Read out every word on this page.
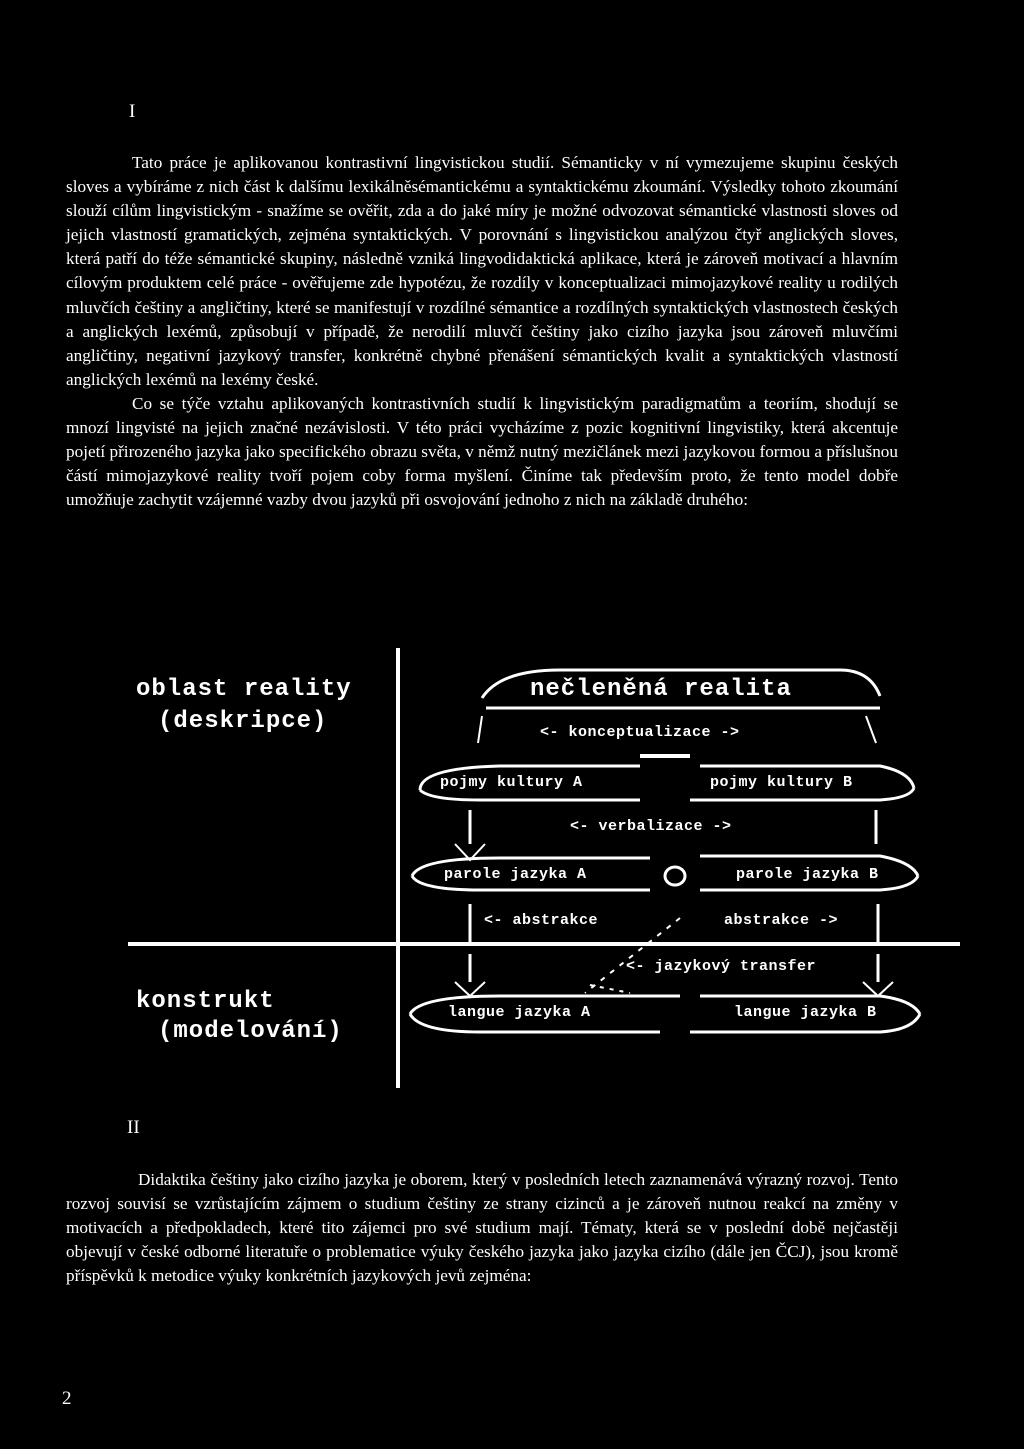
I

Tato práce je aplikovanou kontrastivní lingvistickou studií. Sémanticky v ní vymezujeme skupinu českých sloves a vybíráme z nich část k dalšímu lexikálněsémantickému a syntaktickému zkoumání. Výsledky tohoto zkoumání slouží cílům lingvistickým - snažíme se ověřit, zda a do jaké míry je možné odvozovat sémantické vlastnosti sloves od jejich vlastností gramatických, zejména syntaktických. V porovnání s lingvistickou analýzou čtyř anglických sloves, která patří do téže sémantické skupiny, následně vzniká lingvodidaktická aplikace, která je zároveň motivací a hlavním cílovým produktem celé práce - ověřujeme zde hypotézu, že rozdíly v konceptualizaci mimojazykové reality u rodilých mluvčích češtiny a angličtiny, které se manifestují v rozdílné sémantice a rozdílných syntaktických vlastnostech českých a anglických lexémů, způsobují v případě, že nerodilí mluvčí češtiny jako cizího jazyka jsou zároveň mluvčími angličtiny, negativní jazykový transfer, konkrétně chybné přenášení sémantických kvalit a syntaktických vlastností anglických lexémů na lexémy české.

Co se týče vztahu aplikovaných kontrastivních studií k lingvistickým paradigmatům a teoriím, shodují se mnozí lingvisté na jejich značné nezávislosti. V této práci vycházíme z pozic kognitivní lingvistiky, která akcentuje pojetí přirozeného jazyka jako specifického obrazu světa, v němž nutný mezičlánek mezi jazykovou formou a příslušnou částí mimojazykové reality tvoří pojem coby forma myšlení. Činíme tak především proto, že tento model dobře umožňuje zachytit vzájemné vazby dvou jazyků při osvojování jednoho z nich na základě druhého:

oblast reality
(deskripce)
konstrukt
(modelování)
nečleněná realita
<- konceptualizace ->
pojmy kultury A	pojmy kultury B
<- verbalizace ->
parole jazyka A	parole jazyka B
<- abstrakce	abstrakce ->
<- jazykový transfer
langue jazyka A	langue jazyka B
II

Didaktika češtiny jako cizího jazyka je oborem, který v posledních letech zaznamenává výrazný rozvoj. Tento rozvoj souvisí se vzrůstajícím zájmem o studium češtiny ze strany cizinců a je zároveň nutnou reakcí na změny v motivacích a předpokladech, které tito zájemci pro své studium mají. Tématy, která se v poslední době nejčastěji objevují v české odborné literatuře o problematice výuky českého jazyka jako jazyka cizího (dále jen ČCJ), jsou kromě příspěvků k metodice výuky konkrétních jazykových jevů zejména:

2
